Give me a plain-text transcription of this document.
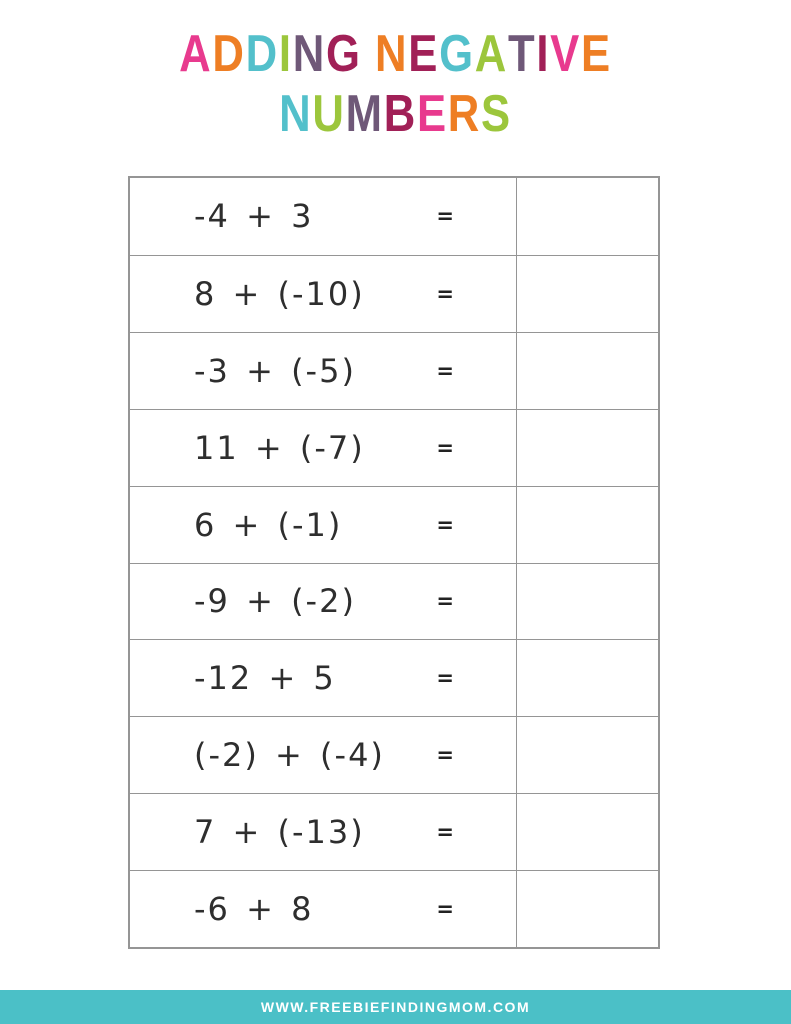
ADDING NEGATIVE
NUMBERS
-4 + 3	=
8 + (-10)	=
-3 + (-5)	=
11 + (-7)	=
6 + (-1)	=
-9 + (-2)	=
-12 + 5	=
(-2) + (-4) =
7 + (-13)	=
-6 + 8	=
WWW.FREEBIEFINDINGMOM.COM
